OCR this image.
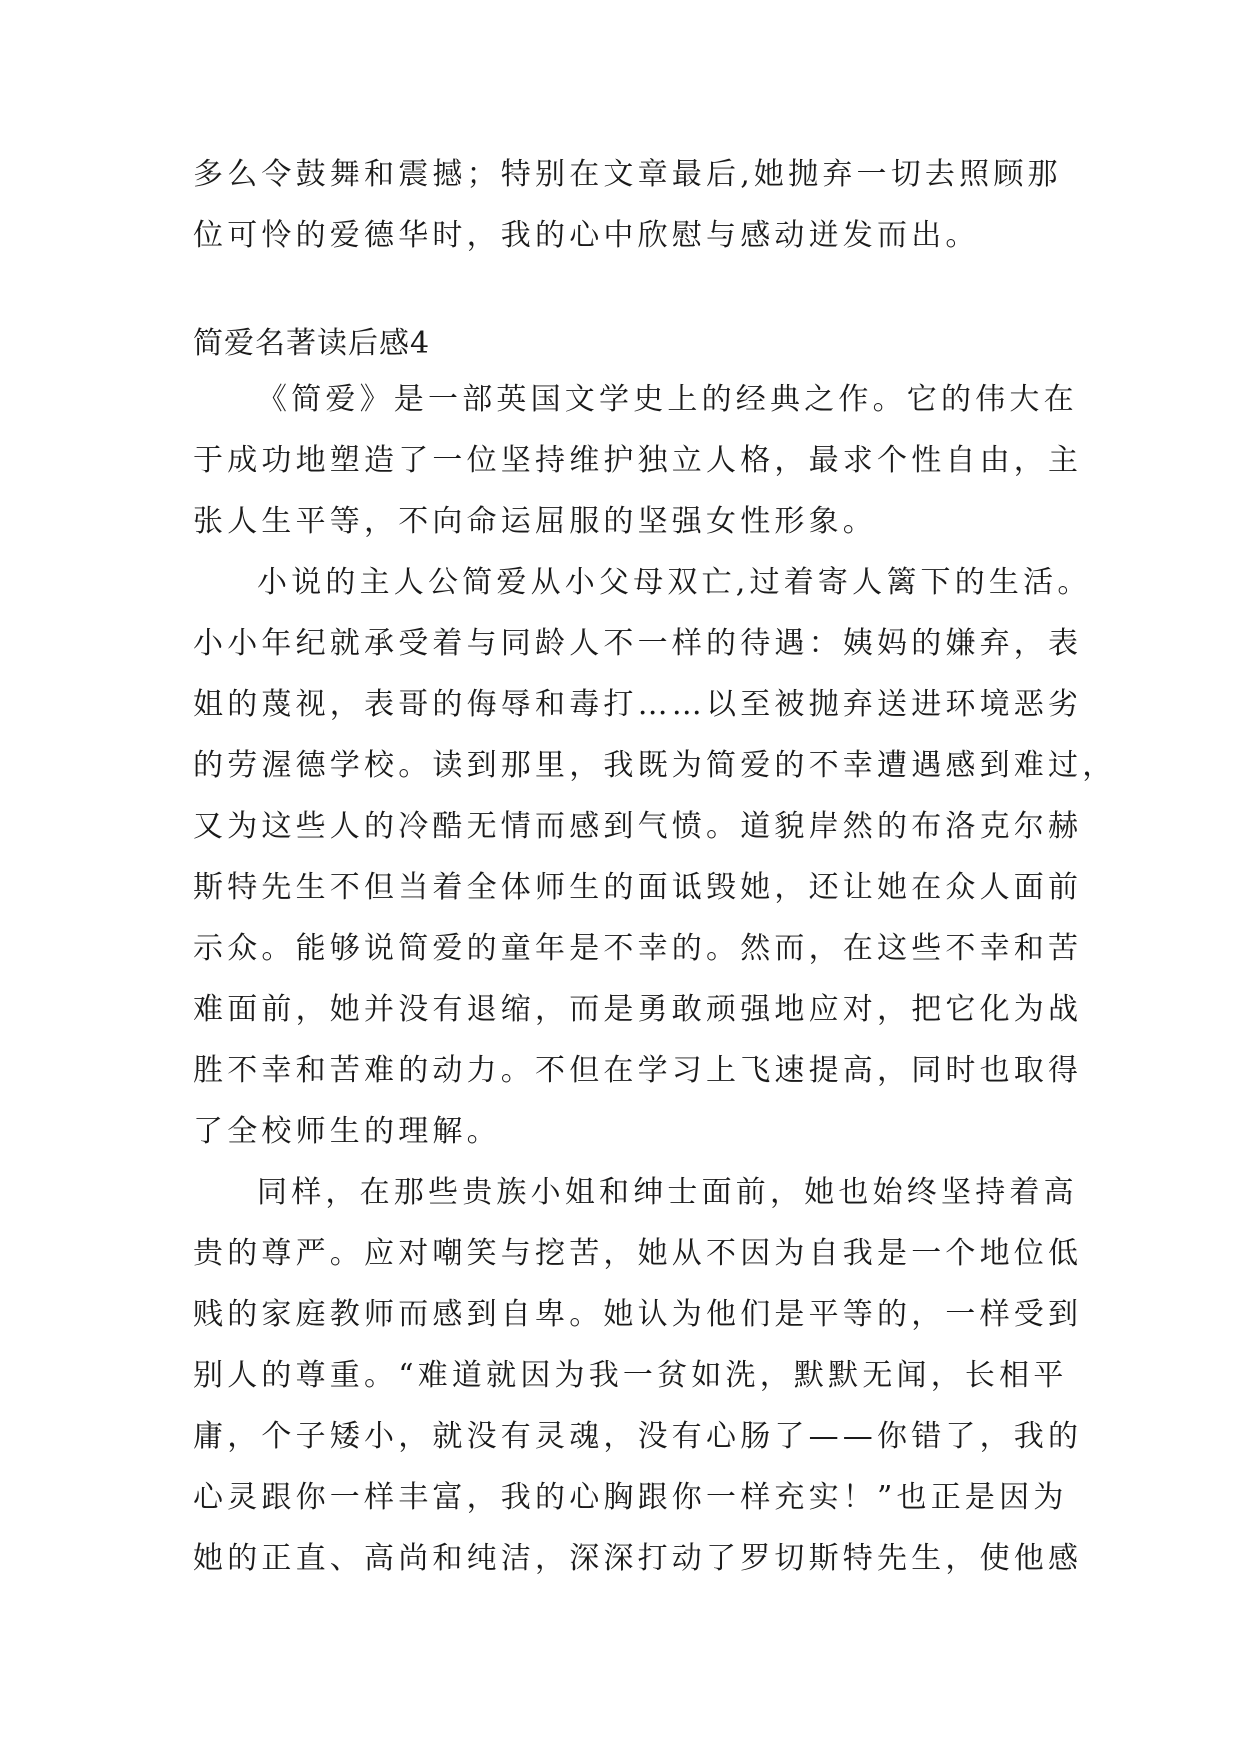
多么令鼓舞和震撼；特别在文章最后,她抛弃一切去照顾那
位可怜的爱德华时，我的心中欣慰与感动迸发而出。
简爱名著读后感4
《简爱》是一部英国文学史上的经典之作。它的伟大在
于成功地塑造了一位坚持维护独立人格，最求个性自由，主
张人生平等，不向命运屈服的坚强女性形象。
小说的主人公简爱从小父母双亡,过着寄人篱下的生活。
小小年纪就承受着与同龄人不一样的待遇：姨妈的嫌弃，表
姐的蔑视，表哥的侮辱和毒打……以至被抛弃送进环境恶劣
的劳渥德学校。读到那里，我既为简爱的不幸遭遇感到难过，
又为这些人的冷酷无情而感到气愤。道貌岸然的布洛克尔赫
斯特先生不但当着全体师生的面诋毁她，还让她在众人面前
示众。能够说简爱的童年是不幸的。然而，在这些不幸和苦
难面前，她并没有退缩，而是勇敢顽强地应对，把它化为战
胜不幸和苦难的动力。不但在学习上飞速提高，同时也取得
了全校师生的理解。
同样，在那些贵族小姐和绅士面前，她也始终坚持着高
贵的尊严。应对嘲笑与挖苦，她从不因为自我是一个地位低
贱的家庭教师而感到自卑。她认为他们是平等的，一样受到
别人的尊重。“难道就因为我一贫如洗，默默无闻，长相平
庸，个子矮小，就没有灵魂，没有心肠了——你错了，我的
心灵跟你一样丰富，我的心胸跟你一样充实！”也正是因为
她的正直、高尚和纯洁，深深打动了罗切斯特先生，使他感
